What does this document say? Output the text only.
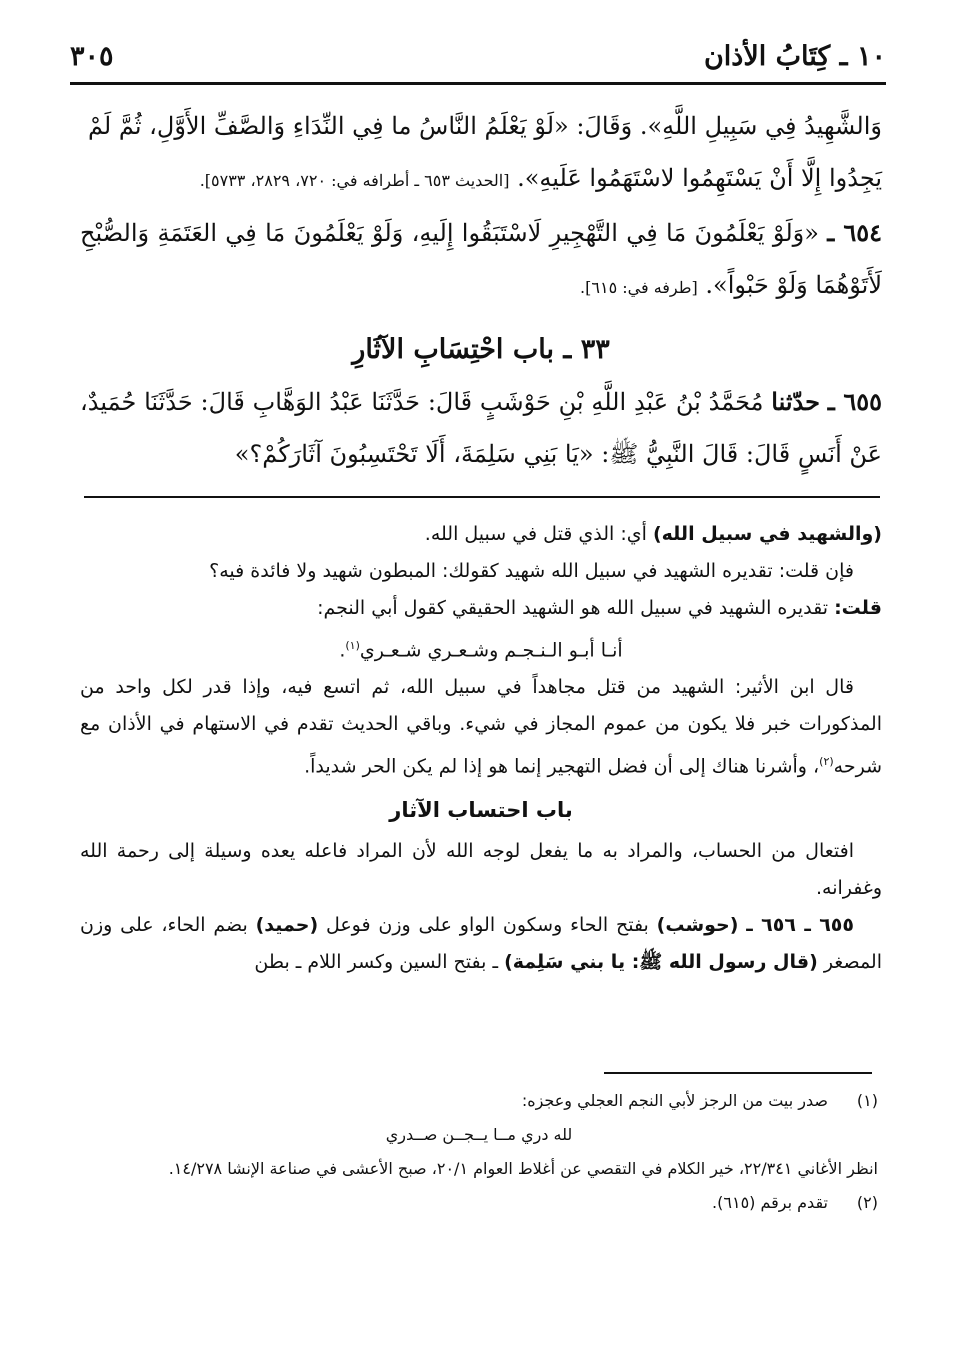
١٠ ـ كِتَابُ الأذان
٣٠٥

وَالشَّهِيدُ فِي سَبِيلِ اللَّهِ». وَقَالَ: «لَوْ يَعْلَمُ النَّاسُ ما فِي النِّدَاءِ وَالصَّفِّ الأَوَّلِ، ثُمَّ لَمْ

يَجِدُوا إِلَّا أَنْ يَسْتَهِمُوا لاسْتَهَمُوا عَلَيهِ». [الحديث ٦٥٣ ـ أطرافه في: ٧٢٠، ٢٨٢٩، ٥٧٣٣].

٦٥٤ ـ «وَلَوْ يَعْلَمُونَ مَا فِي التَّهْجِيرِ لَاسْتَبَقُوا إِلَيهِ، وَلَوْ يَعْلَمُونَ مَا فِي العَتَمَةِ وَالصُّبْحِ لَأَتَوْهُمَا وَلَوْ حَبْواً». [طرفه في: ٦١٥].

٣٣ ـ باب احْتِسَابِ الآثَارِ

٦٥٥ ـ حدّثنا مُحَمَّدُ بْنُ عَبْدِ اللَّهِ بْنِ حَوْشَبٍ قَالَ: حَدَّثَنَا عَبْدُ الوَهَّابِ قَالَ: حَدَّثَنَا حُمَيدٌ، عَنْ أَنَسٍ قَالَ: قَالَ النَّبِيُّ ﷺ: «يَا بَنِي سَلِمَةَ، أَلَا تَحْتَسِبُونَ آثَارَكُمْ؟»

(والشهيد في سبيل الله) أي: الذي قتل في سبيل الله.

فإن قلت: تقديره الشهيد في سبيل الله شهيد كقولك: المبطون شهيد ولا فائدة فيه؟

قلت: تقديره الشهيد في سبيل الله هو الشهيد الحقيقي كقول أبي النجم:

أنـا أبـو الـنـجـم وشـعـري شـعـري$^{(١)}$.

قال ابن الأثير: الشهيد من قتل مجاهداً في سبيل الله، ثم اتسع فيه، وإذا قدر لكل واحد من المذكورات خبر فلا يكون من عموم المجاز في شيء. وباقي الحديث تقدم في الاستهام في الأذان مع شرحه$^{(٢)}$، وأشرنا هناك إلى أن فضل التهجير إنما هو إذا لم يكن الحر شديداً.

باب احتساب الآثار

افتعال من الحساب، والمراد به ما يفعل لوجه الله لأن المراد فاعله يعده وسيلة إلى رحمة الله وغفرانه.

٦٥٥ ـ ٦٥٦ ـ (حوشب) بفتح الحاء وسكون الواو على وزن فوعل (حميد) بضم الحاء، على وزن المصغر (قال رسول الله ﷺ: يا بني سَلِمة) ـ بفتح السين وكسر اللام ـ بطن

(١)صدر بيت من الرجز لأبي النجم العجلي وعجزه:

لله دري مــا يــجــن صــدري

انظر الأغاني ٢٢/٣٤١، خير الكلام في التقصي عن أغلاط العوام ٢٠/١، صبح الأعشى في صناعة الإنشا ١٤/٢٧٨.

(٢)تقدم برقم (٦١٥).
